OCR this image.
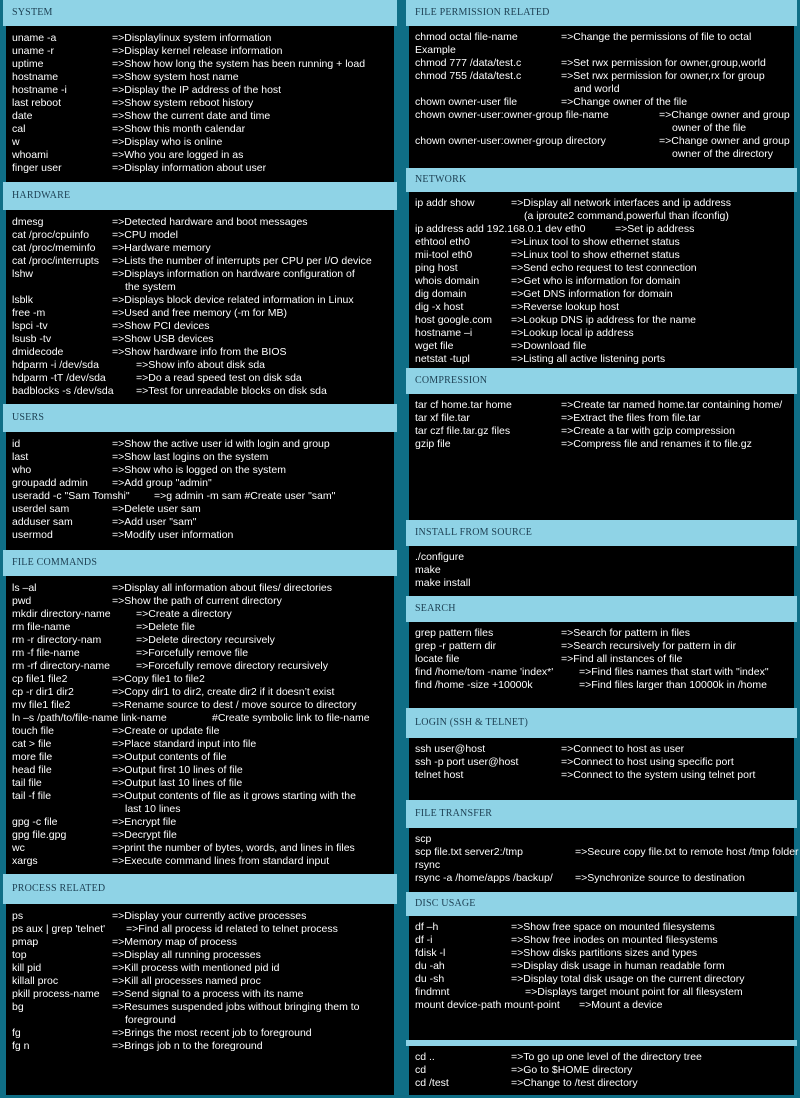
SYSTEM
uname -a	=>Displaylinux system information
uname -r	=>Display kernel release information
uptime	=>Show how long the system has been running + load
hostname	=>Show system host name
hostname -i	=>Display the IP address of the host
last reboot	=>Show system reboot history
date	=>Show the current date and time
cal	=>Show this month calendar
w	=>Display who is online
whoami	=>Who you are logged in as
finger user	=>Display information about user
HARDWARE
dmesg	=>Detected hardware and boot messages
cat /proc/cpuinfo =>CPU model
cat /proc/meminfo =>Hardware memory
cat /proc/interrupts =>Lists the number of interrupts per CPU per I/O device
lshw	=>Displays information on hardware configuration of
the system
lsblk	=>Displays block device related information in Linux
free -m	=>Used and free memory (-m for MB)
lspci -tv	=>Show PCI devices
lsusb -tv	=>Show USB devices
dmidecode	=>Show hardware info from the BIOS
hdparm -i /dev/sda	=>Show info about disk sda
hdparm -tT /dev/sda	=>Do a read speed test on disk sda
badblocks -s /dev/sda =>Test for unreadable blocks on disk sda
USERS
id	=>Show the active user id with login and group
last	=>Show last logins on the system
who	=>Show who is logged on the system
groupadd admin =>Add group "admin"
useradd -c "Sam Tomshi" =>g admin -m sam #Create user "sam"
userdel sam	=>Delete user sam
adduser sam	=>Add user "sam"
usermod	=>Modify user information
FILE COMMANDS
ls –al	=>Display all information about files/ directories
pwd	=>Show the path of current directory
mkdir directory-name =>Create a directory
rm file-name	=>Delete file
rm -r directory-nam	=>Delete directory recursively
rm -f file-name	=>Forcefully remove file
rm -rf directory-name =>Forcefully remove directory recursively
cp file1 file2	=>Copy file1 to file2
cp -r dir1 dir2	=>Copy dir1 to dir2, create dir2 if it doesn’t exist
mv file1 file2	=>Rename source to dest / move source to directory
ln –s /path/to/file-name link-name	#Create symbolic link to file-name
touch file	=>Create or update file
cat > file	=>Place standard input into file
more file	=>Output contents of file
head file	=>Output first 10 lines of file
tail file	=>Output last 10 lines of file
tail -f file	=>Output contents of file as it grows starting with the
last 10 lines
gpg -c file	=>Encrypt file
gpg file.gpg	=>Decrypt file
wc	=>print the number of bytes, words, and lines in files
xargs	=>Execute command lines from standard input
PROCESS RELATED
ps	=>Display your currently active processes
ps aux | grep 'telnet' =>Find all process id related to telnet process
pmap	=>Memory map of process
top	=>Display all running processes
kill pid	=>Kill process with mentioned pid id
killall proc	=>Kill all processes named proc
pkill process-name =>Send signal to a process with its name
bg	=>Resumes suspended jobs without bringing them to
foreground
fg	=>Brings the most recent job to foreground
fg n	=>Brings job n to the foreground
FILE PERMISSION RELATED
chmod octal file-name	=>Change the permissions of file to octal
Example
chmod 777 /data/test.c	=>Set rwx permission for owner,group,world
chmod 755 /data/test.c	=>Set rwx permission for owner,rx for group
and world
chown owner-user file	=>Change owner of the file
chown owner-user:owner-group file-name	=>Change owner and group
owner of the file
chown owner-user:owner-group directory	=>Change owner and group
owner of the directory
NETWORK
ip addr show	=>Display all network interfaces and ip address
(a iproute2 command,powerful than ifconfig)
ip address add 192.168.0.1 dev eth0	=>Set ip address
ethtool eth0	=>Linux tool to show ethernet status
mii-tool eth0	=>Linux tool to show ethernet status
ping host	=>Send echo request to test connection
whois domain	=>Get who is information for domain
dig domain	=>Get DNS information for domain
dig -x host	=>Reverse lookup host
host google.com =>Lookup DNS ip address for the name
hostname –i	=>Lookup local ip address
wget file	=>Download file
netstat -tupl	=>Listing all active listening ports
COMPRESSION
tar cf home.tar home	=>Create tar named home.tar containing home/
tar xf file.tar	=>Extract the files from file.tar
tar czf file.tar.gz files	=>Create a tar with gzip compression
gzip file	=>Compress file and renames it to file.gz
INSTALL FROM SOURCE
./configure
make
make install
SEARCH
grep pattern files	=>Search for pattern in files
grep -r pattern dir	=>Search recursively for pattern in dir
locate file	=>Find all instances of file
find /home/tom -name 'index*' =>Find files names that start with "index"
find /home -size +10000k	=>Find files larger than 10000k in /home
LOGIN (SSH & TELNET)
ssh user@host	=>Connect to host as user
ssh -p port user@host	=>Connect to host using specific port
telnet host	=>Connect to the system using telnet port
FILE TRANSFER
scp
scp file.txt server2:/tmp	=>Secure copy file.txt to remote host /tmp folder
rsync
rsync -a /home/apps /backup/ =>Synchronize source to destination
DISC USAGE
df –h	=>Show free space on mounted filesystems
df -i	=>Show free inodes on mounted filesystems
fdisk -l	=>Show disks partitions sizes and types
du -ah	=>Display disk usage in human readable form
du -sh	=>Display total disk usage on the current directory
findmnt	=>Displays target mount point for all filesystem
mount device-path mount-point =>Mount a device
cd ..	=>To go up one level of the directory tree
cd	=>Go to $HOME directory
cd /test	=>Change to /test directory
